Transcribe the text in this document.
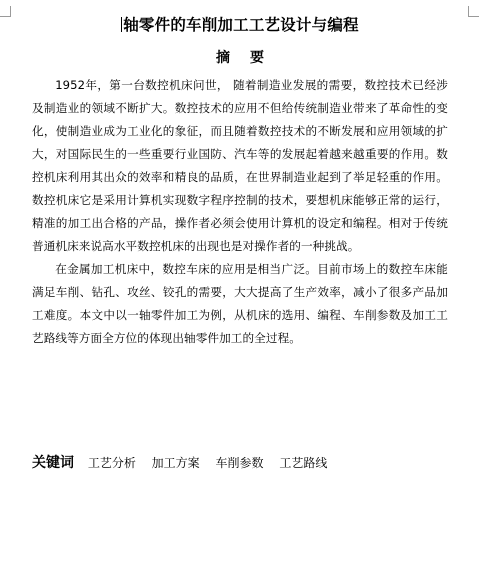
轴零件的车削加工工艺设计与编程
摘要

1952年，第一台数控机床问世， 随着制造业发展的需要，数控技术已经涉及制造业的领域不断扩大。数控技术的应用不但给传统制造业带来了革命性的变化，使制造业成为工业化的象征，而且随着数控技术的不断发展和应用领域的扩大，对国际民生的一些重要行业国防、汽车等的发展起着越来越重要的作用。数控机床利用其出众的效率和精良的品质，在世界制造业起到了举足轻重的作用。数控机床它是采用计算机实现数字程序控制的技术，要想机床能够正常的运行，精准的加工出合格的产品，操作者必须会使用计算机的设定和编程。相对于传统普通机床来说高水平数控机床的出现也是对操作者的一种挑战。

在金属加工机床中，数控车床的应用是相当广泛。目前市场上的数控车床能满足车削、钻孔、攻丝、铰孔的需要，大大提高了生产效率，减小了很多产品加工难度。本文中以一轴零件加工为例，从机床的选用、编程、车削参数及加工工艺路线等方面全方位的体现出轴零件加工的全过程。

关键词 工艺分析 加工方案 车削参数 工艺路线
